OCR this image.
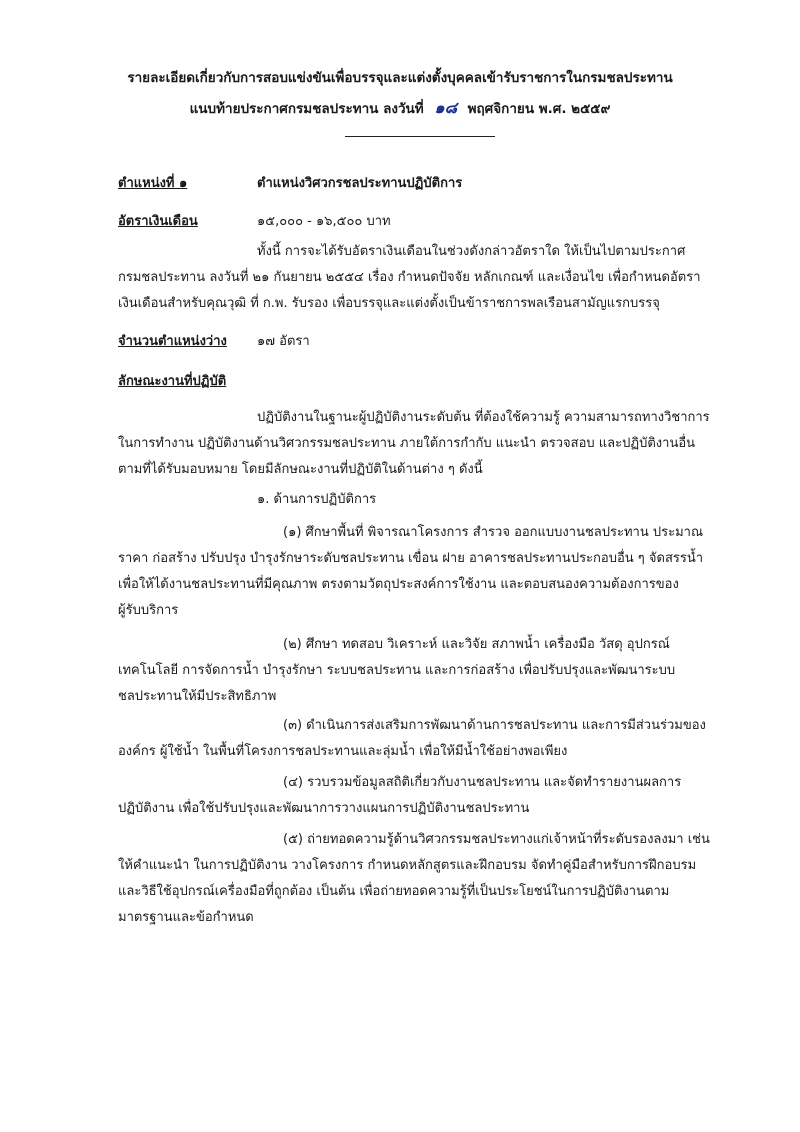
รายละเอียดเกี่ยวกับการสอบแข่งขันเพื่อบรรจุและแต่งตั้งบุคคลเข้ารับราชการในกรมชลประทาน
แนบท้ายประกาศกรมชลประทาน ลงวันที่ ๑๘ พฤศจิกายน พ.ศ. ๒๕๕๙
ตำแหน่งที่ ๑	ตำแหน่งวิศวกรชลประทานปฏิบัติการ
อัตราเงินเดือน	๑๕,๐๐๐ - ๑๖,๕๐๐ บาท
ทั้งนี้ การจะได้รับอัตราเงินเดือนในช่วงดังกล่าวอัตราใด ให้เป็นไปตามประกาศ
กรมชลประทาน ลงวันที่ ๒๑ กันยายน ๒๕๕๔ เรื่อง กำหนดปัจจัย หลักเกณฑ์ และเงื่อนไข เพื่อกำหนดอัตรา
เงินเดือนสำหรับคุณวุฒิ ที่ ก.พ. รับรอง เพื่อบรรจุและแต่งตั้งเป็นข้าราชการพลเรือนสามัญแรกบรรจุ
จำนวนตำแหน่งว่าง ๑๗ อัตรา
ลักษณะงานที่ปฏิบัติ
ปฏิบัติงานในฐานะผู้ปฏิบัติงานระดับต้น ที่ต้องใช้ความรู้ ความสามารถทางวิชาการ
ในการทำงาน ปฏิบัติงานด้านวิศวกรรมชลประทาน ภายใต้การกำกับ แนะนำ ตรวจสอบ และปฏิบัติงานอื่น
ตามที่ได้รับมอบหมาย โดยมีลักษณะงานที่ปฏิบัติในด้านต่าง ๆ ดังนี้
๑. ด้านการปฏิบัติการ
(๑) ศึกษาพื้นที่ พิจารณาโครงการ สำรวจ ออกแบบงานชลประทาน ประมาณ
ราคา ก่อสร้าง ปรับปรุง บำรุงรักษาระดับชลประทาน เขื่อน ฝาย อาคารชลประทานประกอบอื่น ๆ จัดสรรน้ำ
เพื่อให้ได้งานชลประทานที่มีคุณภาพ ตรงตามวัตถุประสงค์การใช้งาน และตอบสนองความต้องการของ
ผู้รับบริการ
(๒) ศึกษา ทดสอบ วิเคราะห์ และวิจัย สภาพน้ำ เครื่องมือ วัสดุ อุปกรณ์
เทคโนโลยี การจัดการน้ำ บำรุงรักษา ระบบชลประทาน และการก่อสร้าง เพื่อปรับปรุงและพัฒนาระบบ
ชลประทานให้มีประสิทธิภาพ
(๓) ดำเนินการส่งเสริมการพัฒนาด้านการชลประทาน และการมีส่วนร่วมของ
องค์กร ผู้ใช้น้ำ ในพื้นที่โครงการชลประทานและลุ่มน้ำ เพื่อให้มีน้ำใช้อย่างพอเพียง
(๔) รวบรวมข้อมูลสถิติเกี่ยวกับงานชลประทาน และจัดทำรายงานผลการ
ปฏิบัติงาน เพื่อใช้ปรับปรุงและพัฒนาการวางแผนการปฏิบัติงานชลประทาน
(๕) ถ่ายทอดความรู้ด้านวิศวกรรมชลประทางแก่เจ้าหน้าที่ระดับรองลงมา เช่น
ให้คำแนะนำ ในการปฏิบัติงาน วางโครงการ กำหนดหลักสูตรและฝึกอบรม จัดทำคู่มือสำหรับการฝึกอบรม
และวิธีใช้อุปกรณ์เครื่องมือที่ถูกต้อง เป็นต้น เพื่อถ่ายทอดความรู้ที่เป็นประโยชน์ในการปฏิบัติงานตาม
มาตรฐานและข้อกำหนด
